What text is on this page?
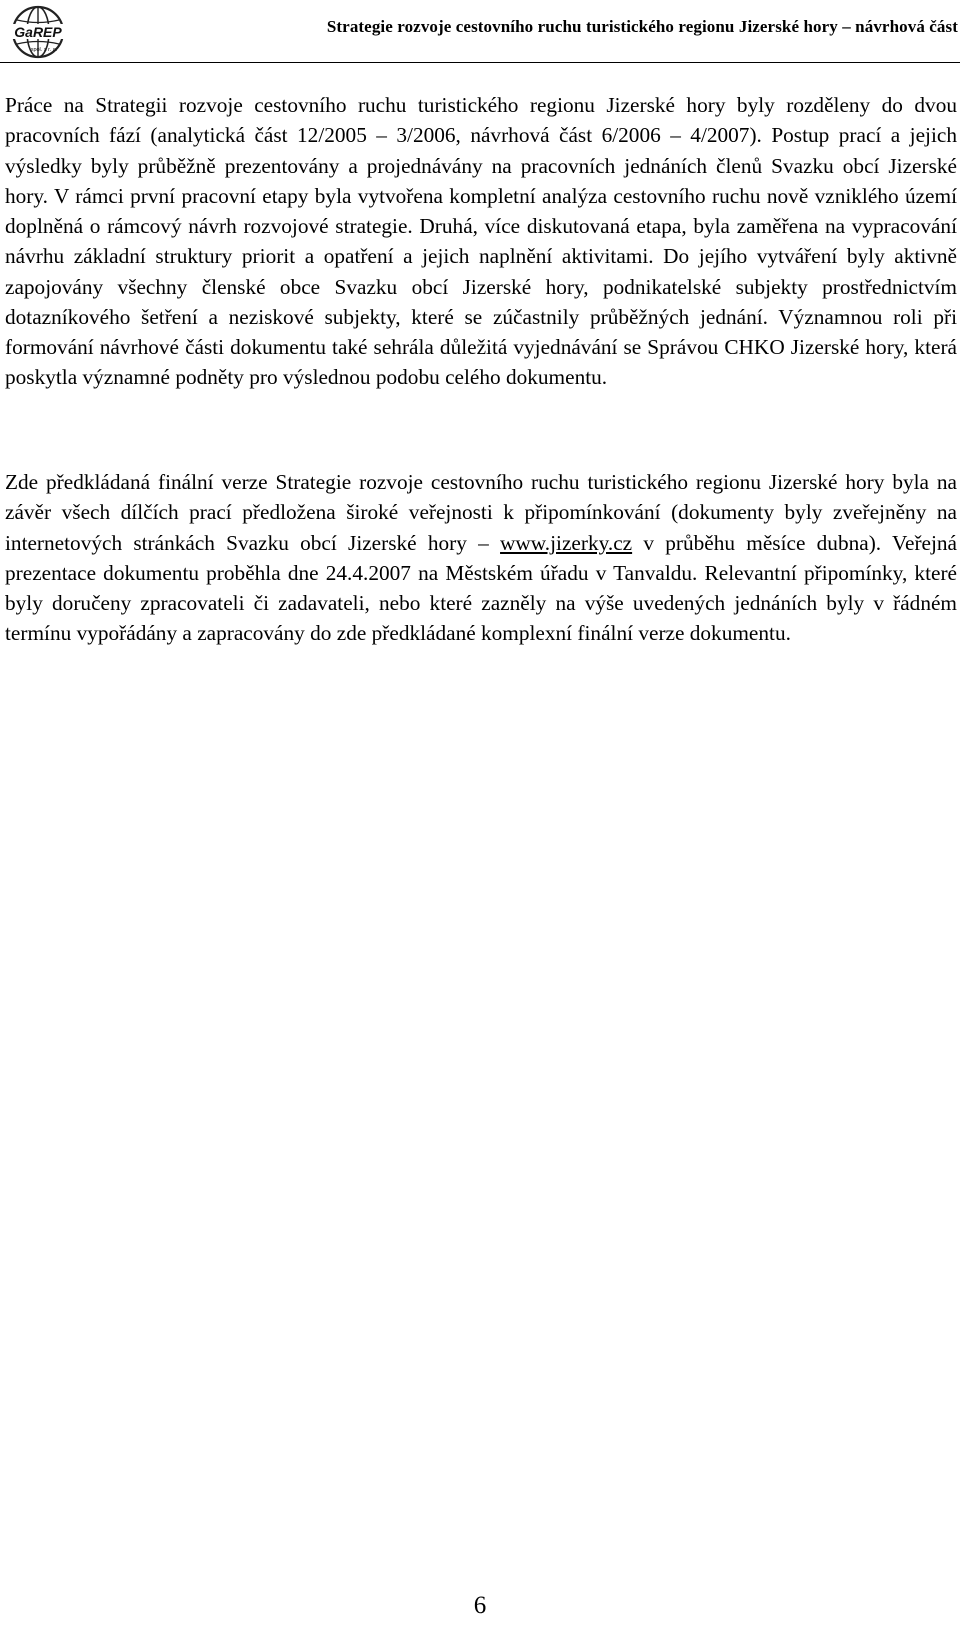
GaREP
spol. s r. o.
Strategie rozvoje cestovního ruchu turistického regionu Jizerské hory – návrhová část

Práce na Strategii rozvoje cestovního ruchu turistického regionu Jizerské hory byly rozděleny do dvou pracovních fází (analytická část 12/2005 – 3/2006, návrhová část 6/2006 – 4/2007). Postup prací a jejich výsledky byly průběžně prezentovány a projednávány na pracovních jednáních členů Svazku obcí Jizerské hory. V rámci první pracovní etapy byla vytvořena kompletní analýza cestovního ruchu nově vzniklého území doplněná o rámcový návrh rozvojové strategie. Druhá, více diskutovaná etapa, byla zaměřena na vypracování návrhu základní struktury priorit a opatření a jejich naplnění aktivitami. Do jejího vytváření byly aktivně zapojovány všechny členské obce Svazku obcí Jizerské hory, podnikatelské subjekty prostřednictvím dotazníkového šetření a neziskové subjekty, které se zúčastnily průběžných jednání. Významnou roli při formování návrhové části dokumentu také sehrála důležitá vyjednávání se Správou CHKO Jizerské hory, která poskytla významné podněty pro výslednou podobu celého dokumentu.

Zde předkládaná finální verze Strategie rozvoje cestovního ruchu turistického regionu Jizerské hory byla na závěr všech dílčích prací předložena široké veřejnosti k připomínkování (dokumenty byly zveřejněny na internetových stránkách Svazku obcí Jizerské hory – www.jizerky.cz v průběhu měsíce dubna). Veřejná prezentace dokumentu proběhla dne 24.4.2007 na Městském úřadu v Tanvaldu. Relevantní připomínky, které byly doručeny zpracovateli či zadavateli, nebo které zazněly na výše uvedených jednáních byly v řádném termínu vypořádány a zapracovány do zde předkládané komplexní finální verze dokumentu.

6
